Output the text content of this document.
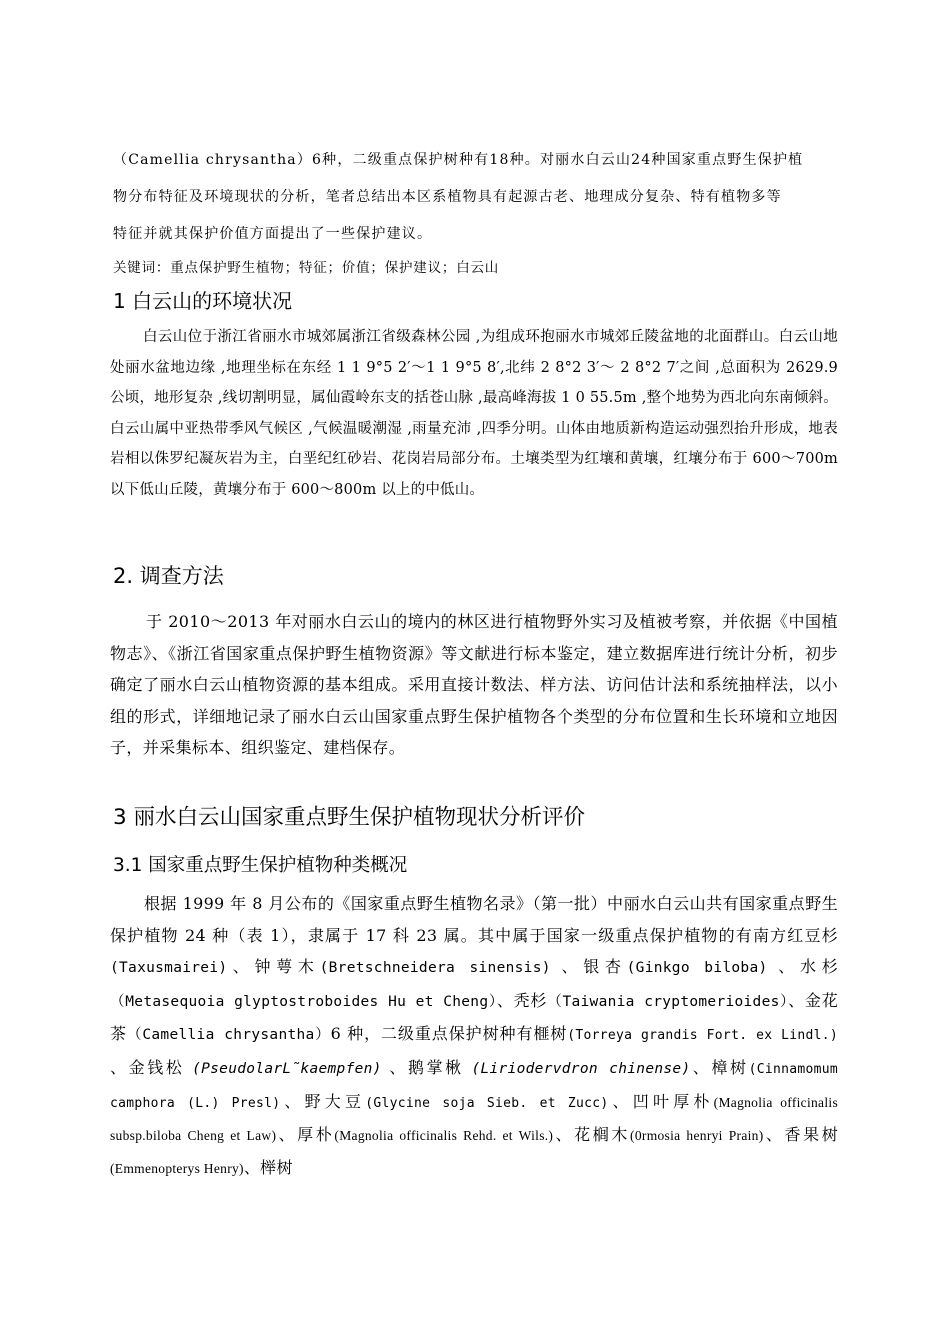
（Camellia chrysantha）6种，二级重点保护树种有18种。对丽水白云山24种国家重点野生保护植

物分布特征及环境现状的分析，笔者总结出本区系植物具有起源古老、地理成分复杂、特有植物多等

特征并就其保护价值方面提出了一些保护建议。

关键词：重点保护野生植物；特征；价值；保护建议；白云山

1 白云山的环境状况

白云山位于浙江省丽水市城郊属浙江省级森林公园 ,为组成环抱丽水市城郊丘陵盆地的北面群山。白云山地处丽水盆地边缘 ,地理坐标在东经 1 1 9°5 2′～1 1 9°5 8′,北纬 2 8°2 3′～ 2 8°2 7′之间 ,总面积为 2629.9 公顷，地形复杂 ,线切割明显，属仙霞岭东支的括苍山脉 ,最高峰海拔 1 0 55.5m ,整个地势为西北向东南倾斜。白云山属中亚热带季风气候区 ,气候温暖潮湿 ,雨量充沛 ,四季分明。山体由地质新构造运动强烈抬升形成，地表岩相以侏罗纪凝灰岩为主，白垩纪红砂岩、花岗岩局部分布。土壤类型为红壤和黄壤，红壤分布于 600～700m 以下低山丘陵，黄壤分布于 600～800m 以上的中低山。

2. 调查方法

于 2010～2013 年对丽水白云山的境内的林区进行植物野外实习及植被考察，并依据《中国植物志》、《浙江省国家重点保护野生植物资源》等文献进行标本鉴定，建立数据库进行统计分析，初步确定了丽水白云山植物资源的基本组成。采用直接计数法、样方法、访问估计法和系统抽样法，以小组的形式，详细地记录了丽水白云山国家重点野生保护植物各个类型的分布位置和生长环境和立地因子，并采集标本、组织鉴定、建档保存。

3 丽水白云山国家重点野生保护植物现状分析评价
3.1 国家重点野生保护植物种类概况

根据 1999 年 8 月公布的《国家重点野生植物名录》（第一批）中丽水白云山共有国家重点野生保护植物 24 种（表 1），隶属于 17 科 23 属。其中属于国家一级重点保护植物的有南方红豆杉(Taxusmairei)、钟萼木(Bretschneidera sinensis) 、银杏(Ginkgo biloba) 、水杉（Metasequoia glyptostroboides Hu et Cheng）、秃杉（Taiwania cryptomerioides）、金花茶（Camellia chrysantha）6 种，二级重点保护树种有榧树(Torreya grandis Fort. ex Lindl.) 、金钱松 (PseudolarL˜kaempfen) 、鹅掌楸 (Liriodervdron chinense)、樟树(Cinnamomum camphora (L.) Presl)、野大豆(Glycine soja Sieb. et Zucc)、凹叶厚朴(Magnolia officinalis subsp.biloba Cheng et Law)、厚朴(Magnolia officinalis Rehd. et Wils.)、花榈木(0rmosia henryi Prain)、香果树(Emmenopterys Henry)、榉树
